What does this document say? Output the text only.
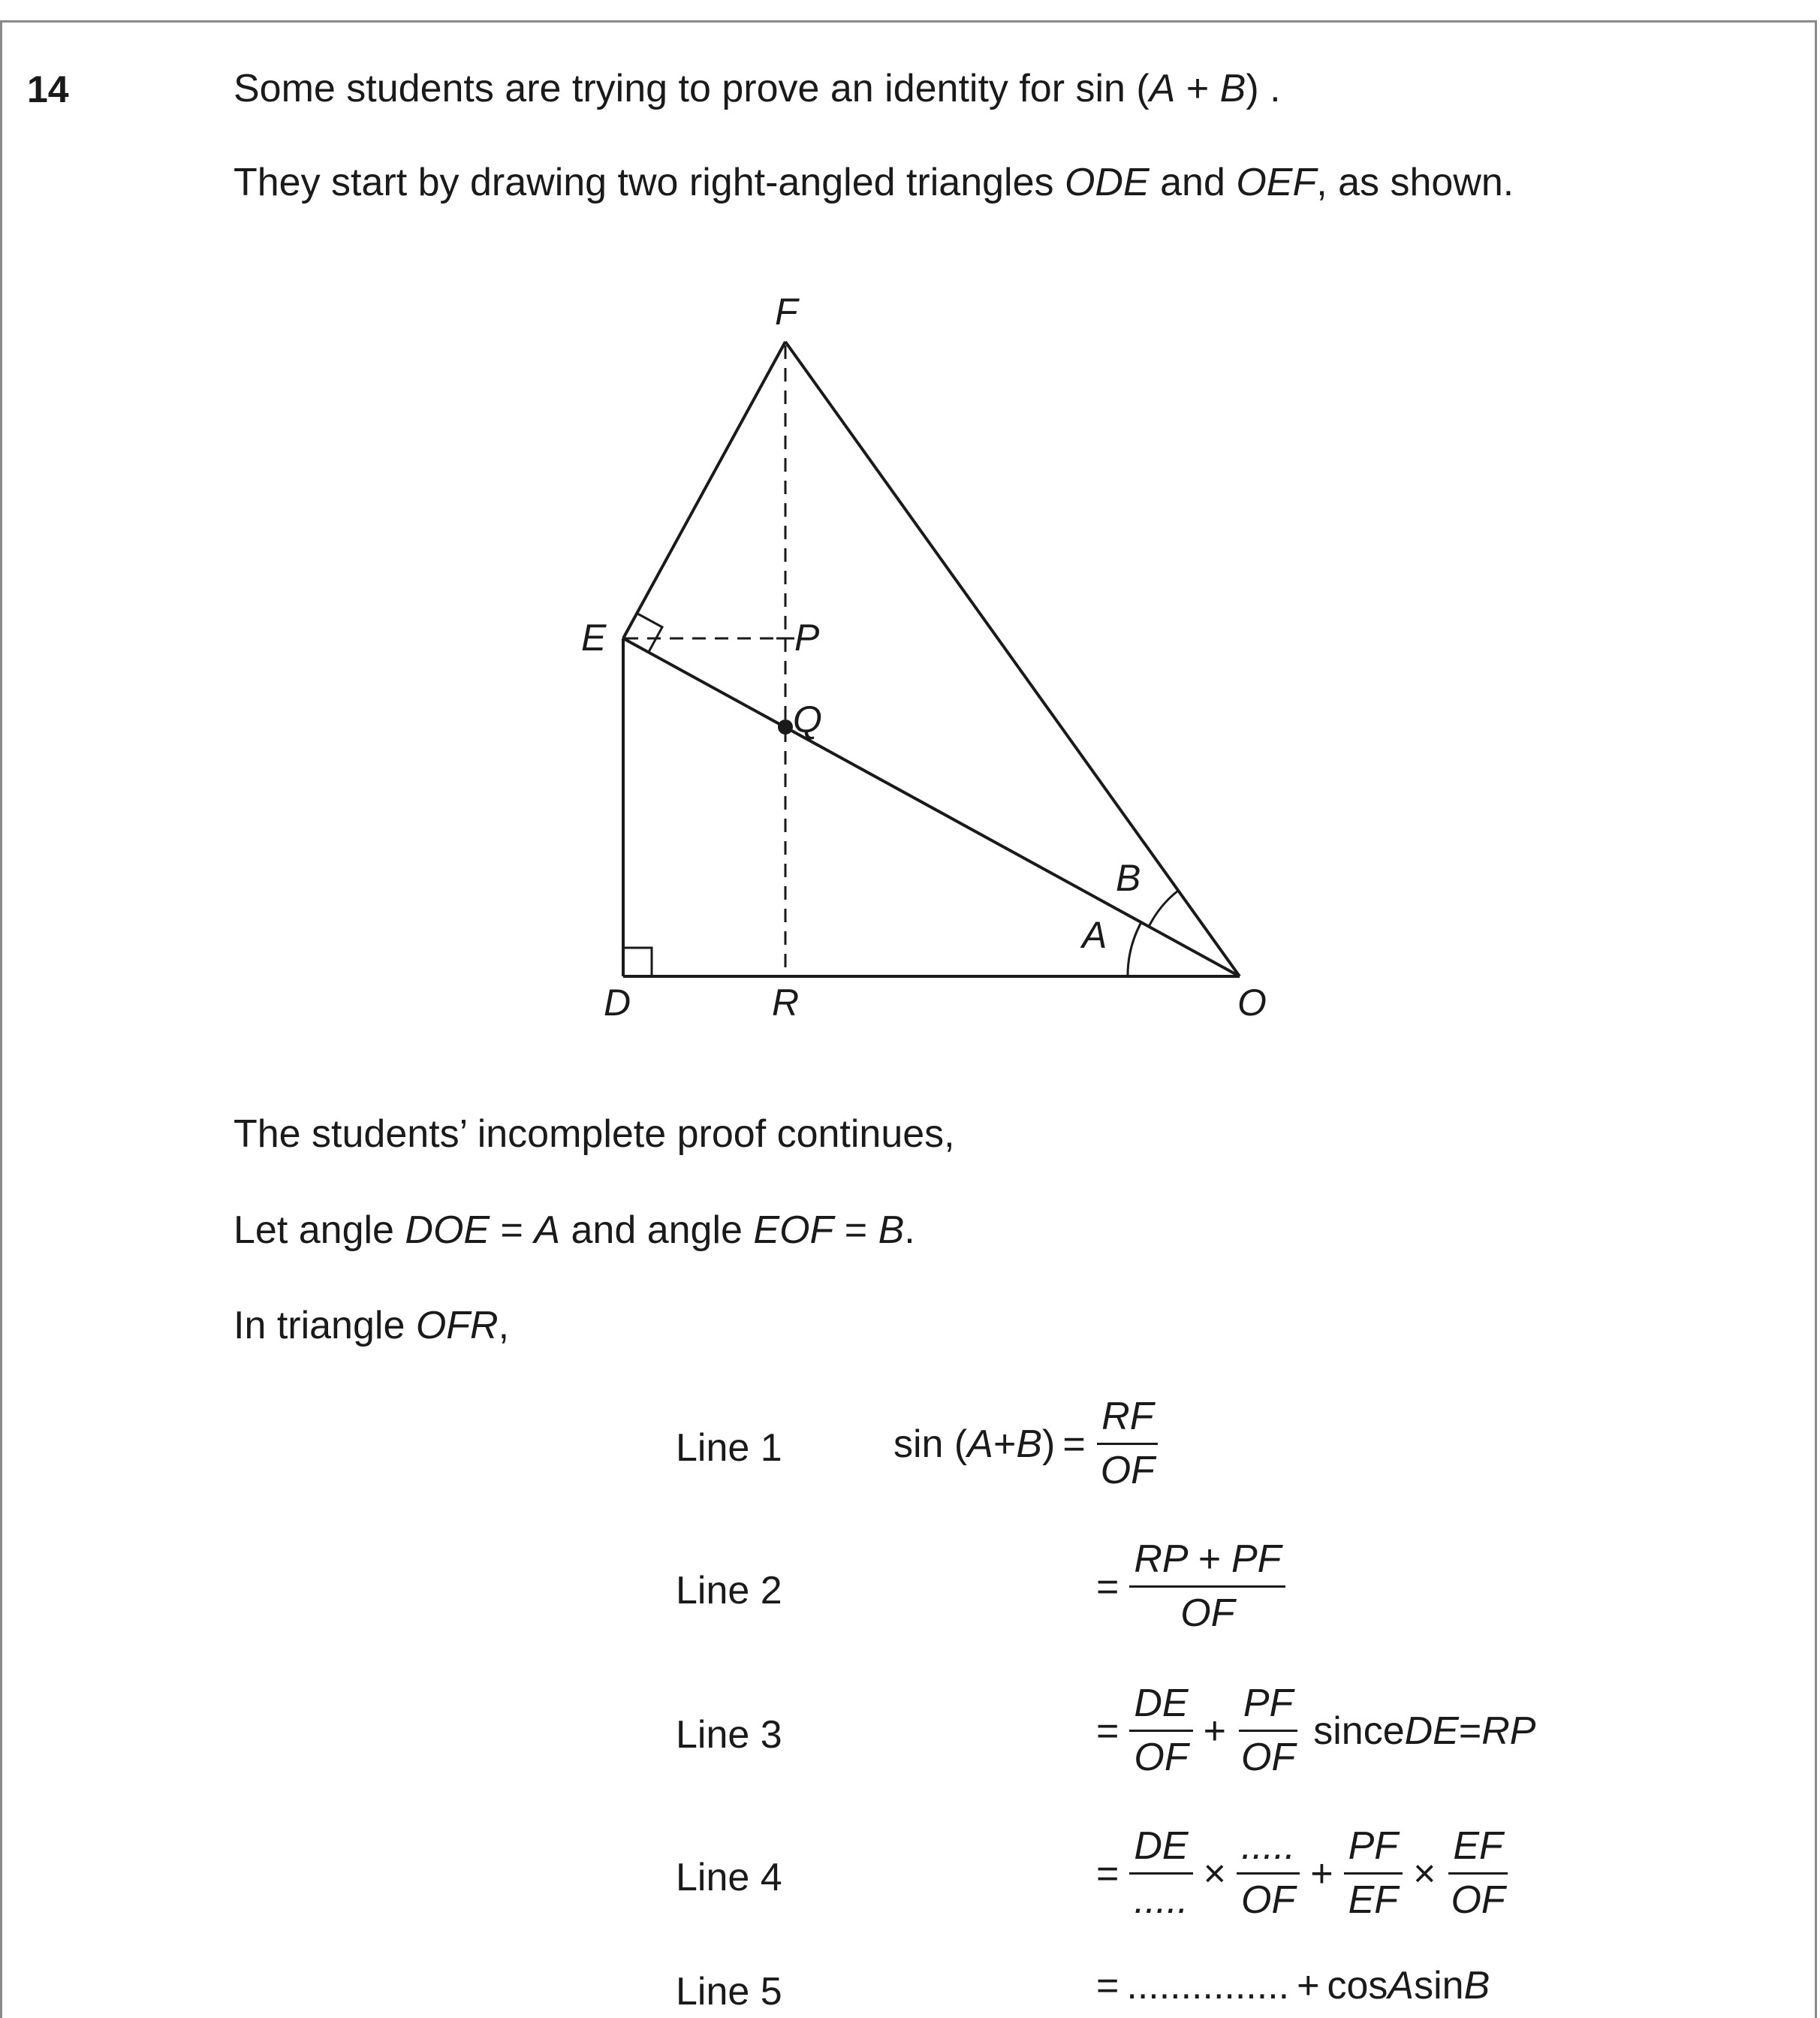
14	Some students are trying to prove an identity for sin (A + B) .
They start by drawing two right-angled triangles ODE and OEF, as shown.
F
E	P
Q
B
A
D	R	O
The students’ incomplete proof continues,
Let angle DOE = A and angle EOF = B.
In triangle OFR,
Line 1	sin ( A + B ) = $\frac{RF}{OF}$
Line 2	= $\frac{RP + PF}{OF}$
Line 3	= $\frac{DE}{OF} + \frac{PF}{OF}$ since DE = RP
Line 4	= $\frac{DE}{.....} \times \frac{.....}{OF} + \frac{PF}{EF} \times \frac{EF}{OF}$
Line 5	= ............... + cos A sin B
